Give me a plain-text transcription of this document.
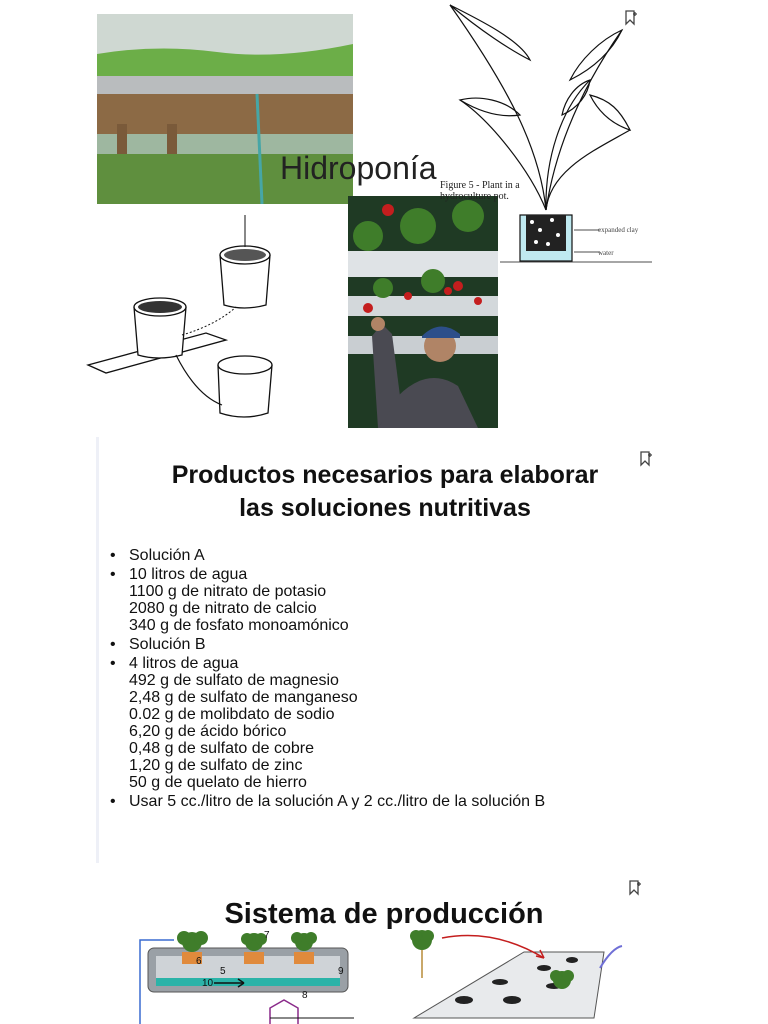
expanded clay
water
Hidroponía Figure 5 - Plant in a hydroculture pot.
Productos necesarios para elaborar
las soluciones nutritivas
• Solución A
• 10 litros de agua
1100 g de nitrato de potasio
2080 g de nitrato de calcio
340 g de fosfato monoamónico
• Solución B
• 4 litros de agua
492 g de sulfato de magnesio
2,48 g de sulfato de manganeso
0.02 g de molibdato de sodio
6,20 g de ácido bórico
0,48 g de sulfato de cobre
1,20 g de sulfato de zinc
50 g de quelato de hierro
• Usar 5 cc./litro de la solución A y 2 cc./litro de la solución B
Sistema de producción
6
5
7
8
9
10
